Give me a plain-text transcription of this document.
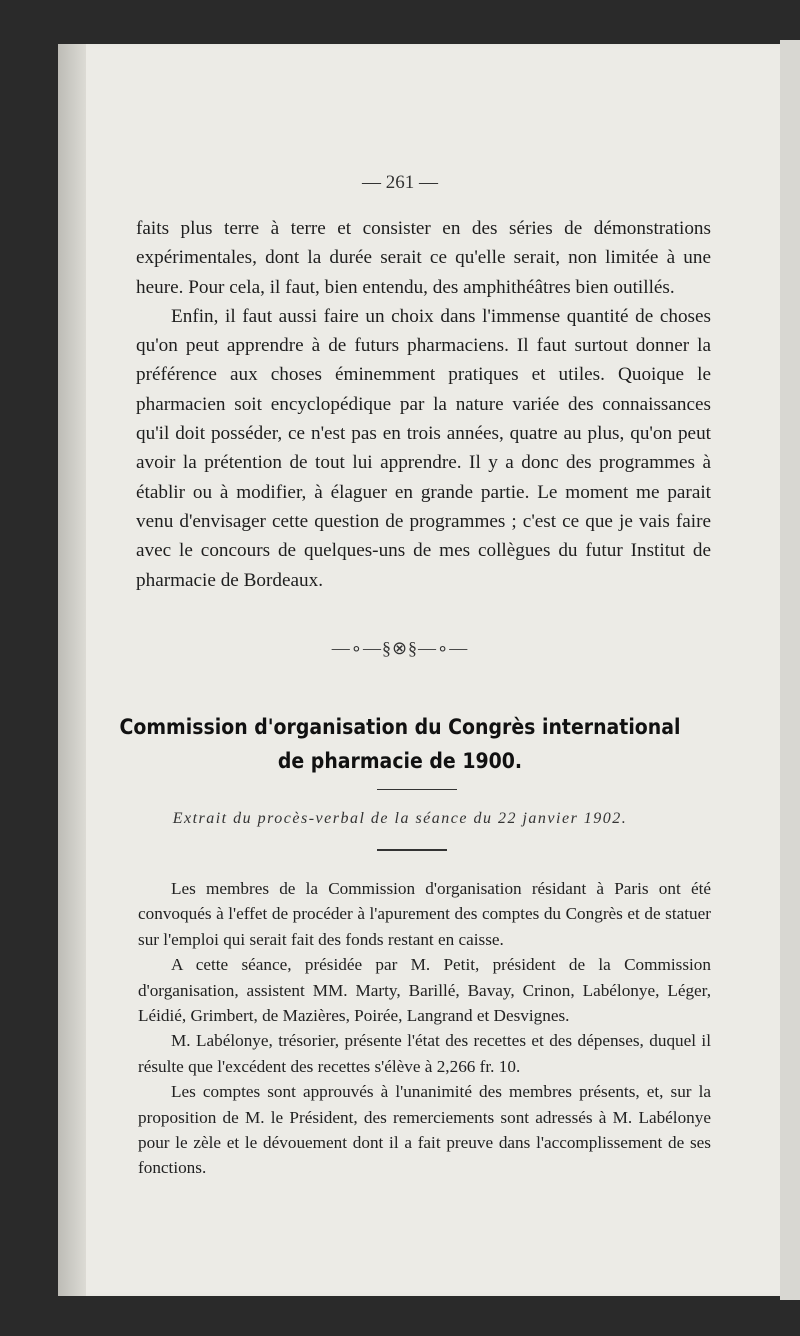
— 261 —

faits plus terre à terre et consister en des séries de démonstrations expérimentales, dont la durée serait ce qu'elle serait, non limitée à une heure. Pour cela, il faut, bien entendu, des amphithéâtres bien outillés.

Enfin, il faut aussi faire un choix dans l'immense quantité de choses qu'on peut apprendre à de futurs pharmaciens. Il faut surtout donner la préférence aux choses éminemment pratiques et utiles. Quoique le pharmacien soit encyclopédique par la nature variée des connaissances qu'il doit posséder, ce n'est pas en trois années, quatre au plus, qu'on peut avoir la prétention de tout lui apprendre. Il y a donc des programmes à établir ou à modifier, à élaguer en grande partie. Le moment me parait venu d'envisager cette question de programmes ; c'est ce que je vais faire avec le concours de quelques-uns de mes collègues du futur Institut de pharmacie de Bordeaux.

—∘—§⊗§—∘—
Commission d'organisation du Congrès international
de pharmacie de 1900.
Extrait du procès-verbal de la séance du 22 janvier 1902.

Les membres de la Commission d'organisation résidant à Paris ont été convoqués à l'effet de procéder à l'apurement des comptes du Congrès et de statuer sur l'emploi qui serait fait des fonds restant en caisse.

A cette séance, présidée par M. Petit, président de la Commission d'organisation, assistent MM. Marty, Barillé, Bavay, Crinon, Labélonye, Léger, Léidié, Grimbert, de Mazières, Poirée, Langrand et Desvignes.

M. Labélonye, trésorier, présente l'état des recettes et des dépenses, duquel il résulte que l'excédent des recettes s'élève à 2,266 fr. 10.

Les comptes sont approuvés à l'unanimité des membres présents, et, sur la proposition de M. le Président, des remerciements sont adressés à M. Labélonye pour le zèle et le dévouement dont il a fait preuve dans l'accomplissement de ses fonctions.
